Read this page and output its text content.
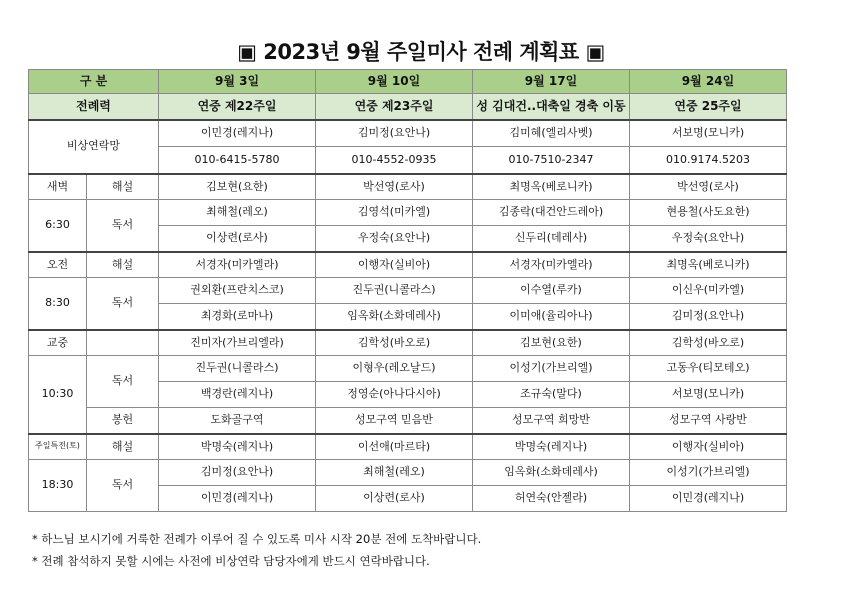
▣ 2023년 9월 주일미사 전례 계획표 ▣
구 분		9월 3일	9월 10일	9월 17일	9월 24일
전례력		연중 제22주일	연중 제23주일	성 김대건..대축일 경축 이동	연중 25주일
비상연락망		이민경(레지나)	김미정(요안나)	김미혜(엘리사벳)	서보명(모니카)
		010-6415-5780	010-4552-0935	010-7510-2347	010.9174.5203
새벽	해설	김보현(요한)	박선영(로사)	최명옥(베로니카)	박선영(로사)
6:30	독서	최해철(레오)	김영석(미카엘)	김종락(대건안드레아)	현용철(사도요한)
		이상련(로사)	우정숙(요안나)	신두리(데레사)	우정숙(요안나)
오전	해설	서경자(미카엘라)	이행자(실비아)	서경자(미카엘라)	최명옥(베로니카)
8:30	독서	권외환(프란치스코)	진두권(니콜라스)	이수열(루카)	이신우(미카엘)
		최경화(로마나)	임옥화(소화데레사)	이미애(율리아나)	김미정(요안나)
교중		진미자(가브리엘라)	김학성(바오로)	김보현(요한)	김학성(바오로)
10:30	독서	진두권(니콜라스)	이형우(레오날드)	이성기(가브리엘)	고동우(티모테오)
		백경란(레지나)	정영순(아나다시아)	조규숙(말다)	서보명(모니카)
	봉헌	도화골구역	성모구역 믿음반	성모구역 희망반	성모구역 사랑반
주일특전(토)	해설	박명숙(레지나)	이선애(마르타)	박명숙(레지나)	이행자(실비아)
18:30	독서	김미정(요안나)	최해철(레오)	임옥화(소화데레사)	이성기(가브리엘)
		이민경(레지나)	이상련(로사)	허연숙(안젤라)	이민경(레지나)
* 하느님 보시기에 거룩한 전례가 이루어 질 수 있도록 미사 시작 20분 전에 도착바랍니다.
* 전례 참석하지 못할 시에는 사전에 비상연락 담당자에게 반드시 연락바랍니다.
